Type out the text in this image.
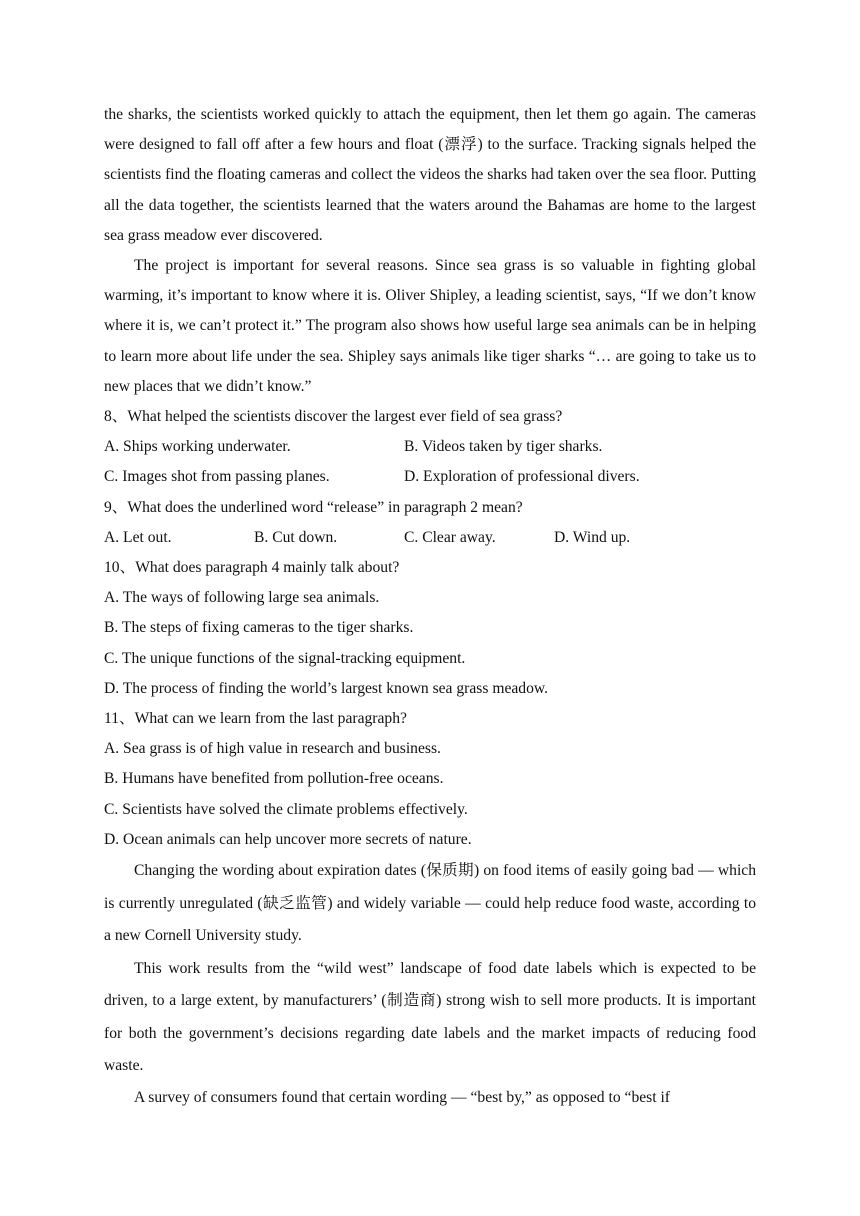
the sharks, the scientists worked quickly to attach the equipment, then let them go again. The cameras were designed to fall off after a few hours and float (漂浮) to the surface. Tracking signals helped the scientists find the floating cameras and collect the videos the sharks had taken over the sea floor. Putting all the data together, the scientists learned that the waters around the Bahamas are home to the largest sea grass meadow ever discovered.

The project is important for several reasons. Since sea grass is so valuable in fighting global warming, it’s important to know where it is. Oliver Shipley, a leading scientist, says, “If we don’t know where it is, we can’t protect it.” The program also shows how useful large sea animals can be in helping to learn more about life under the sea. Shipley says animals like tiger sharks “… are going to take us to new places that we didn’t know.”

8、What helped the scientists discover the largest ever field of sea grass?

A. Ships working underwater.	B. Videos taken by tiger sharks.
C. Images shot from passing planes.	D. Exploration of professional divers.

9、What does the underlined word “release” in paragraph 2 mean?

A. Let out.	B. Cut down.	C. Clear away.	D. Wind up.

10、What does paragraph 4 mainly talk about?

A. The ways of following large sea animals.

B. The steps of fixing cameras to the tiger sharks.

C. The unique functions of the signal-tracking equipment.

D. The process of finding the world’s largest known sea grass meadow.

11、What can we learn from the last paragraph?

A. Sea grass is of high value in research and business.

B. Humans have benefited from pollution-free oceans.

C. Scientists have solved the climate problems effectively.

D. Ocean animals can help uncover more secrets of nature.

Changing the wording about expiration dates (保质期) on food items of easily going bad — which is currently unregulated (缺乏监管) and widely variable — could help reduce food waste, according to a new Cornell University study.

This work results from the “wild west” landscape of food date labels which is expected to be driven, to a large extent, by manufacturers’ (制造商) strong wish to sell more products. It is important for both the government’s decisions regarding date labels and the market impacts of reducing food waste.

A survey of consumers found that certain wording — “best by,” as opposed to “best if
